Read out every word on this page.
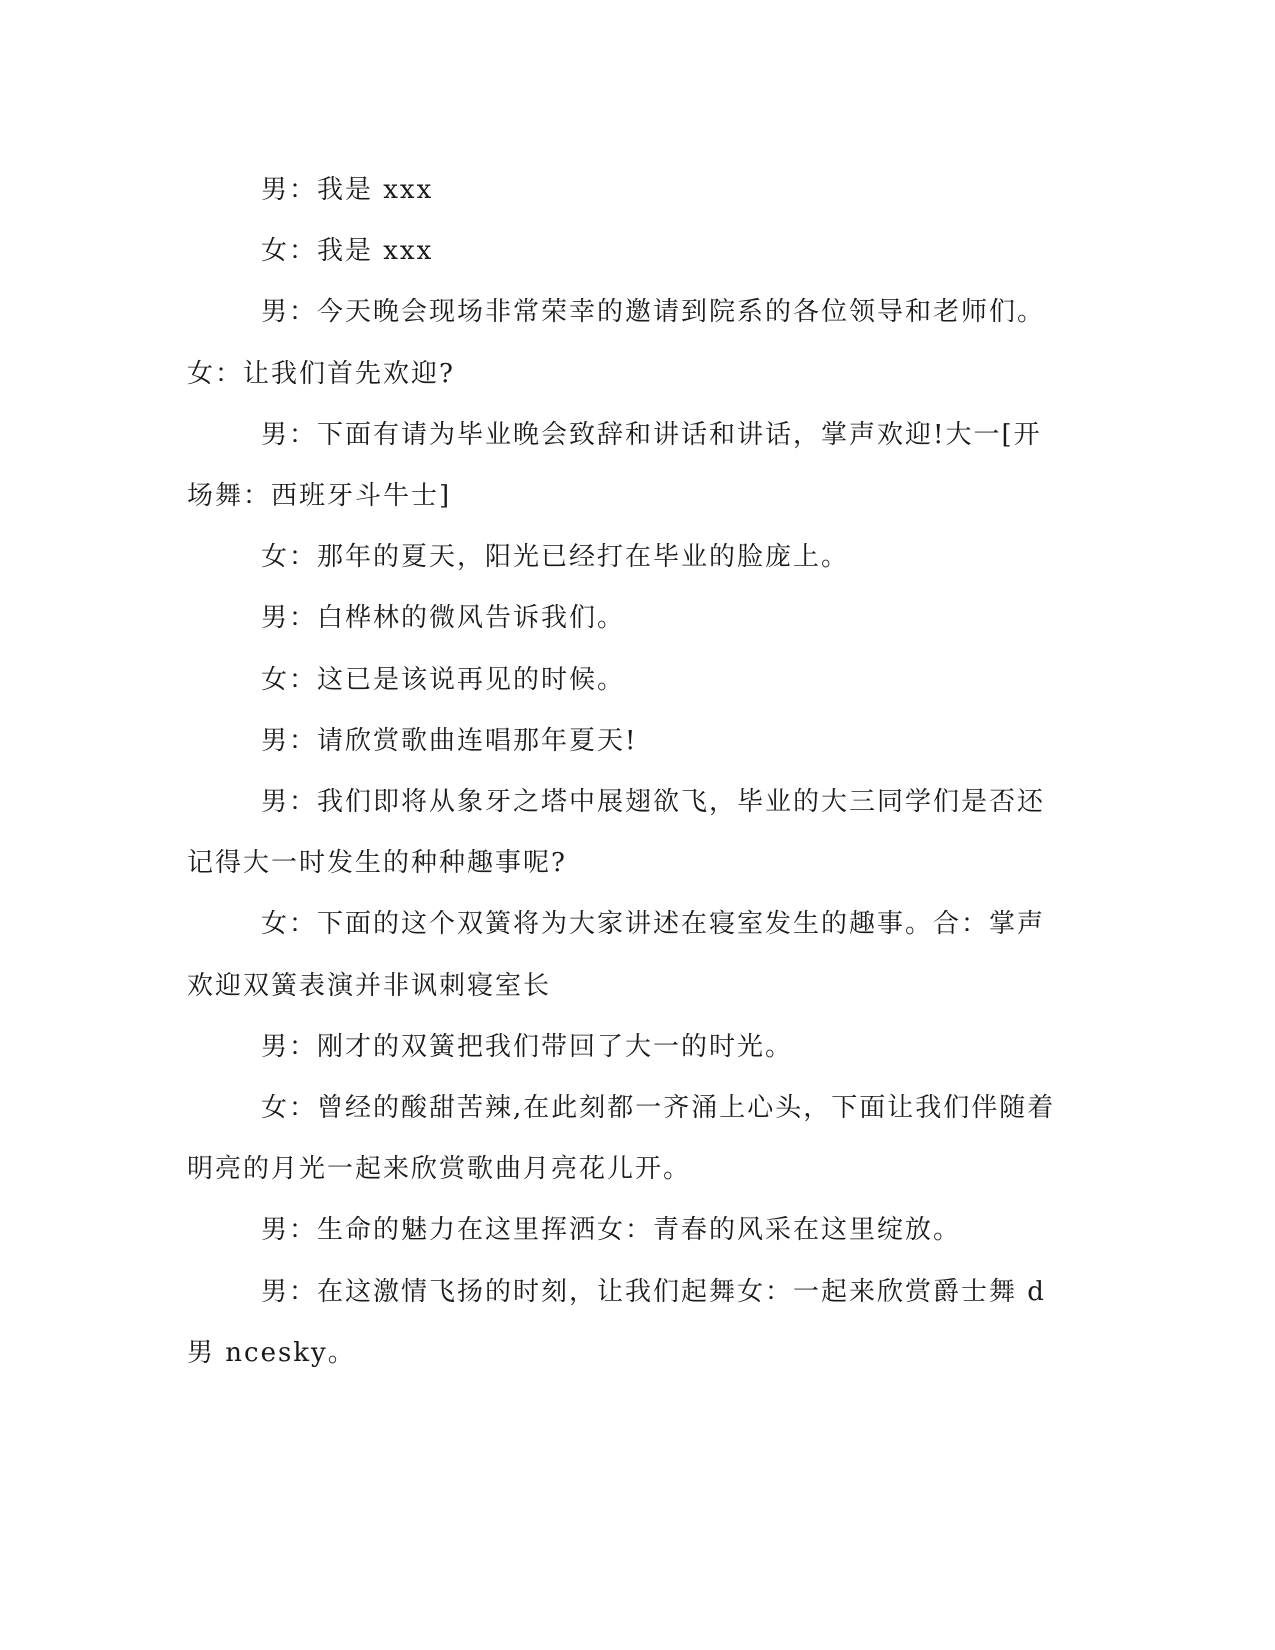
男：我是 xxx

女：我是 xxx

男：今天晚会现场非常荣幸的邀请到院系的各位领导和老师们。

女：让我们首先欢迎?

男：下面有请为毕业晚会致辞和讲话和讲话，掌声欢迎!大一[开场舞：西班牙斗牛士]

女：那年的夏天，阳光已经打在毕业的脸庞上。

男：白桦林的微风告诉我们。

女：这已是该说再见的时候。

男：请欣赏歌曲连唱那年夏天!

男：我们即将从象牙之塔中展翅欲飞，毕业的大三同学们是否还记得大一时发生的种种趣事呢?

女：下面的这个双簧将为大家讲述在寝室发生的趣事。合：掌声欢迎双簧表演并非讽刺寝室长

男：刚才的双簧把我们带回了大一的时光。

女：曾经的酸甜苦辣,在此刻都一齐涌上心头，下面让我们伴随着明亮的月光一起来欣赏歌曲月亮花儿开。

男：生命的魅力在这里挥洒女：青春的风采在这里绽放。

男：在这激情飞扬的时刻，让我们起舞女：一起来欣赏爵士舞 d男 ncesky。
